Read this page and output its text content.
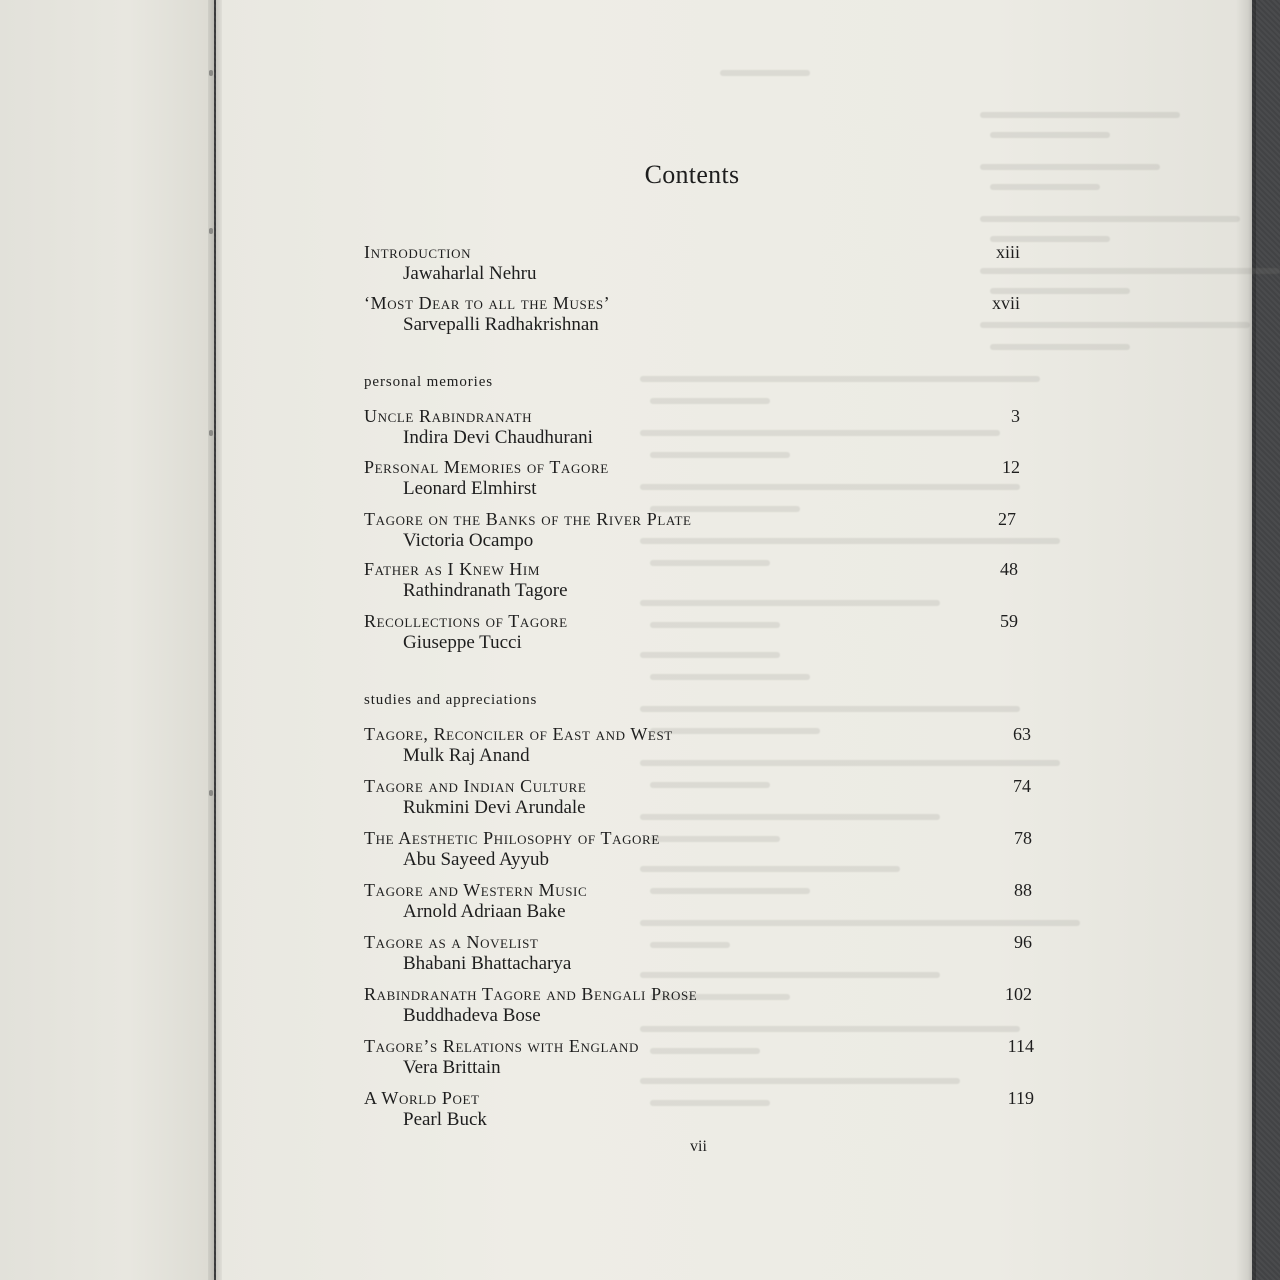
Contents
Introduction
Jawaharlal Nehru
xiii
‘Most Dear to all the Muses’
Sarvepalli Radhakrishnan
xvii
personal memories
Uncle Rabindranath
Indira Devi Chaudhurani
3
Personal Memories of Tagore
Leonard Elmhirst
12
Tagore on the Banks of the River Plate
Victoria Ocampo
27
Father as I Knew Him
Rathindranath Tagore
48
Recollections of Tagore
Giuseppe Tucci
59
studies and appreciations
Tagore, Reconciler of East and West
Mulk Raj Anand
63
Tagore and Indian Culture
Rukmini Devi Arundale
74
The Aesthetic Philosophy of Tagore
Abu Sayeed Ayyub
78
Tagore and Western Music
Arnold Adriaan Bake
88
Tagore as a Novelist
Bhabani Bhattacharya
96
Rabindranath Tagore and Bengali Prose
Buddhadeva Bose
102
Tagore’s Relations with England
Vera Brittain
114
A World Poet
Pearl Buck
119
vii
